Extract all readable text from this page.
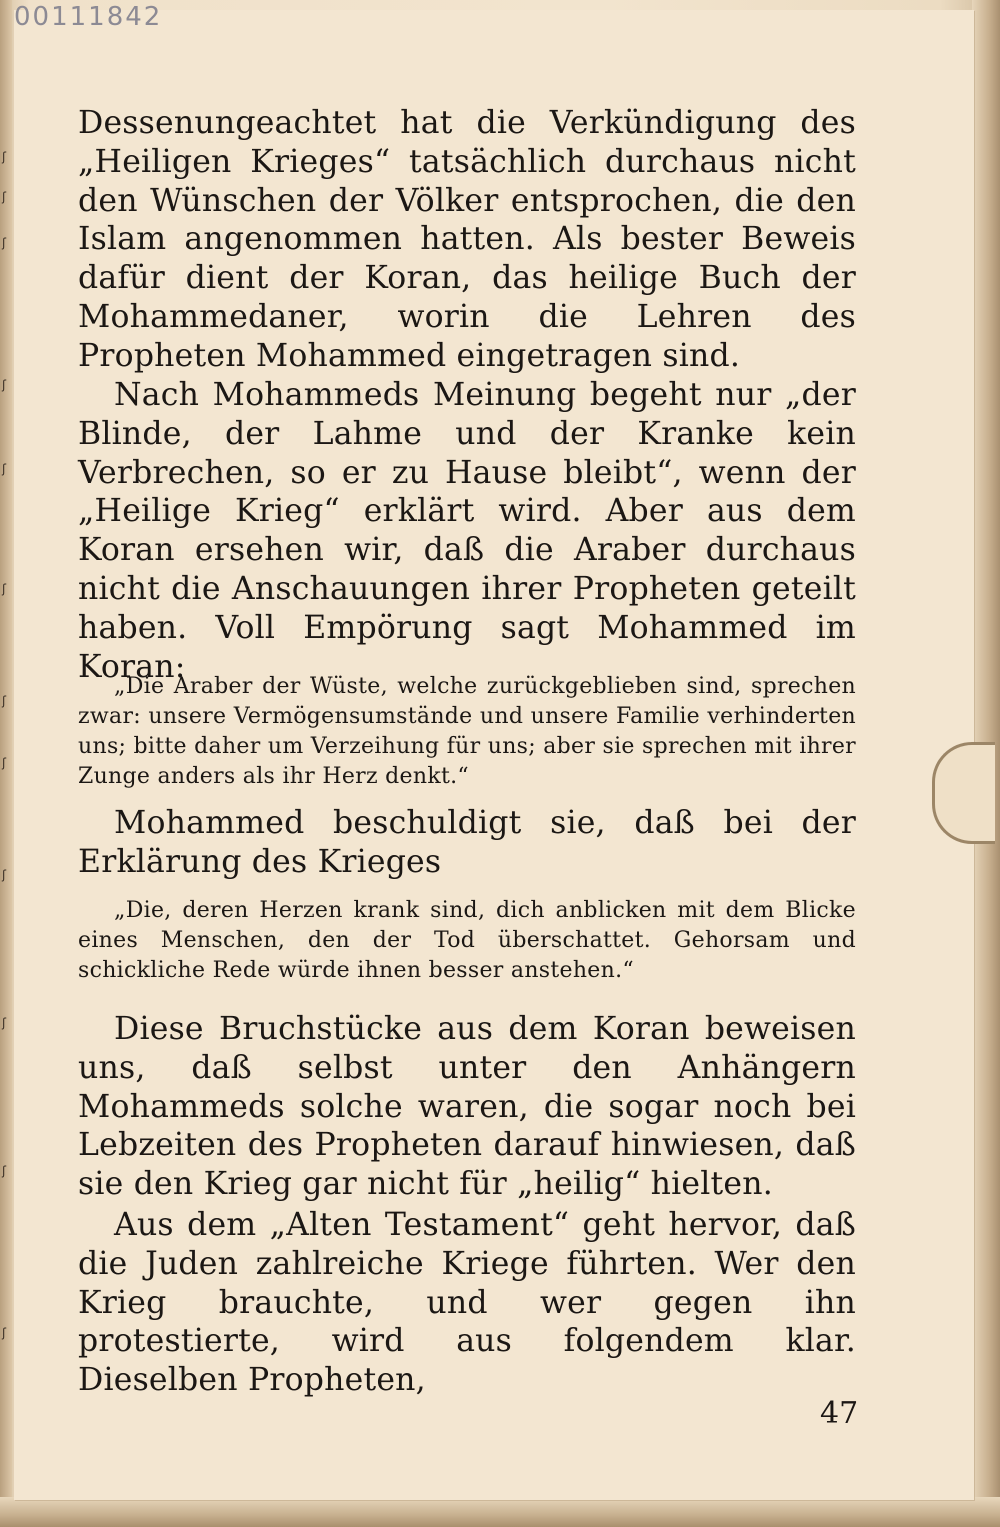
ʃ
ʃ
ʃ
ʃ
ʃ
ʃ
ʃ
ʃ
ʃ
ʃ
ʃ
ʃ
00111842

Dessenungeachtet hat die Verkündigung des „Heiligen Krieges“ tatsächlich durchaus nicht den Wünschen der Völker entsprochen, die den Islam angenommen hatten. Als bester Beweis dafür dient der Koran, das heilige Buch der Mohammedaner, worin die Lehren des Propheten Mohammed eingetragen sind.

Nach Mohammeds Meinung begeht nur „der Blinde, der Lahme und der Kranke kein Verbrechen, so er zu Hause bleibt“, wenn der „Heilige Krieg“ erklärt wird. Aber aus dem Koran ersehen wir, daß die Araber durchaus nicht die Anschauungen ihrer Propheten geteilt haben. Voll Empörung sagt Mohammed im Koran:

„Die Araber der Wüste, welche zurückgeblieben sind, sprechen zwar: unsere Vermögensumstände und unsere Familie verhinderten uns; bitte daher um Verzeihung für uns; aber sie sprechen mit ihrer Zunge anders als ihr Herz denkt.“

Mohammed beschuldigt sie, daß bei der Erklärung des Krieges

„Die, deren Herzen krank sind, dich anblicken mit dem Blicke eines Menschen, den der Tod überschattet. Gehorsam und schickliche Rede würde ihnen besser anstehen.“

Diese Bruchstücke aus dem Koran beweisen uns, daß selbst unter den Anhängern Mohammeds solche waren, die sogar noch bei Lebzeiten des Propheten darauf hinwiesen, daß sie den Krieg gar nicht für „heilig“ hielten.

Aus dem „Alten Testament“ geht hervor, daß die Juden zahlreiche Kriege führten. Wer den Krieg brauchte, und wer gegen ihn protestierte, wird aus folgendem klar. Dieselben Propheten,

47
